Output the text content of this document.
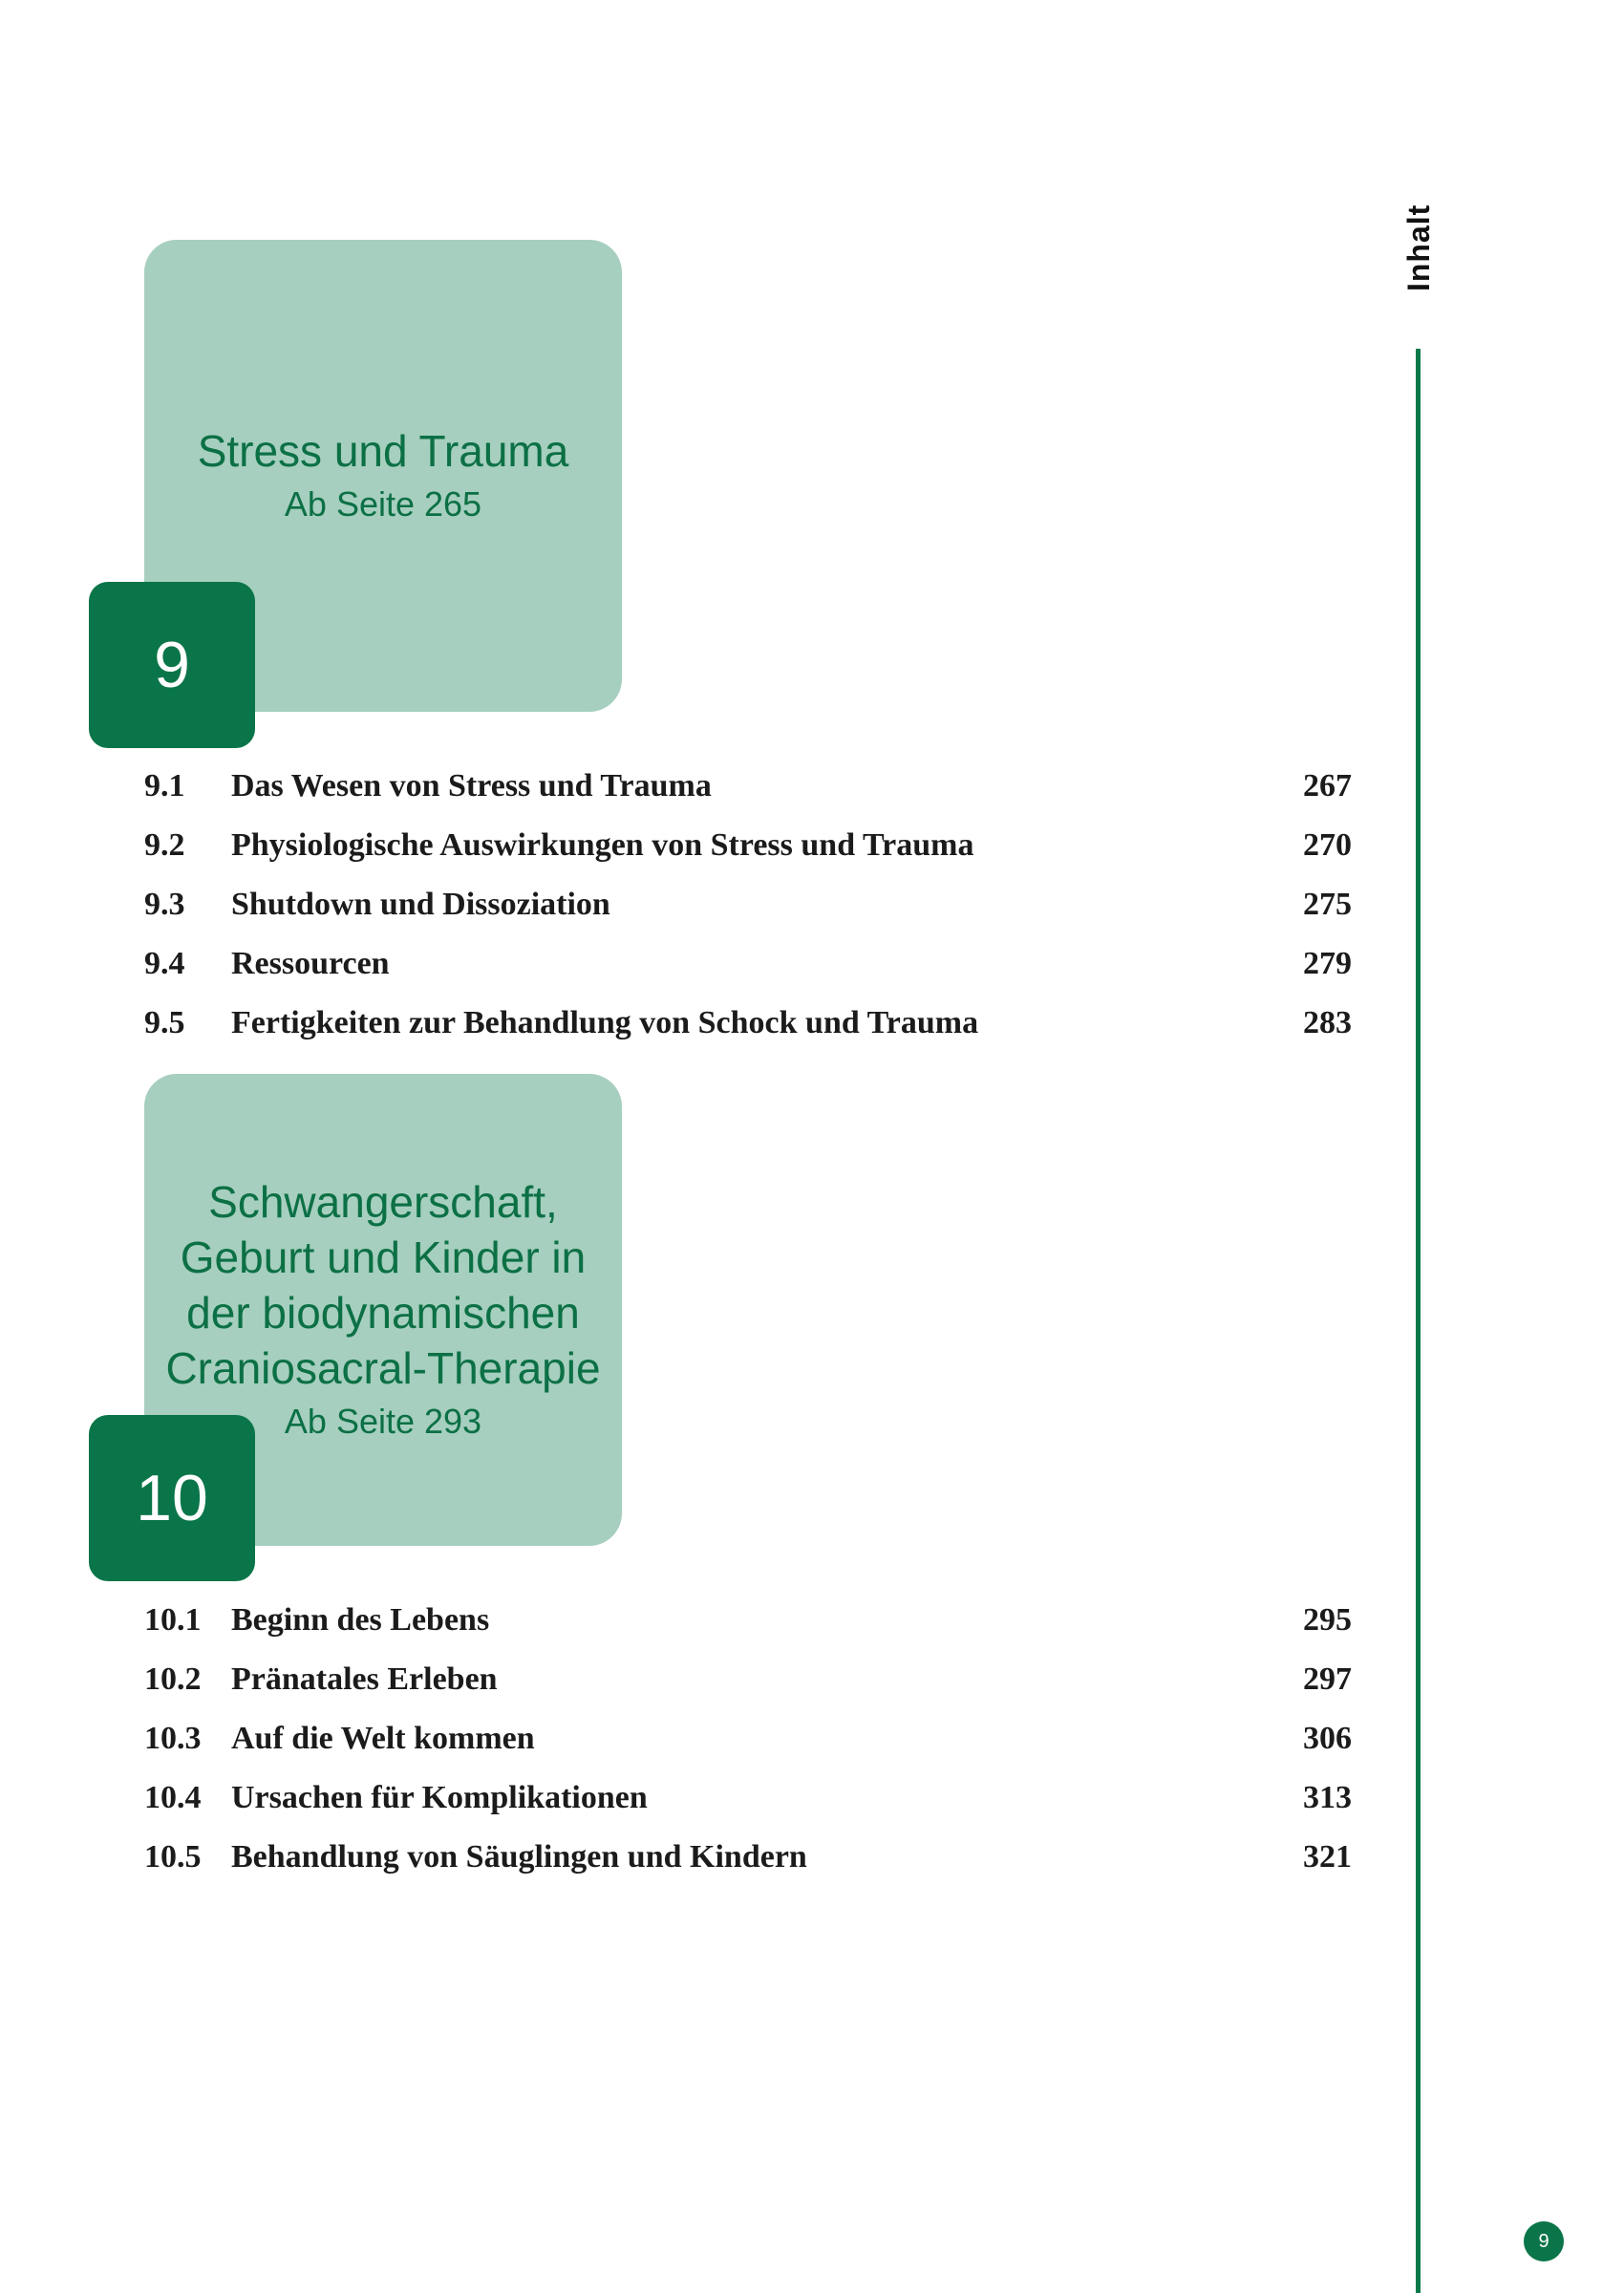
Inhalt
Stress und Trauma
Ab Seite 265
9
9.1 Das Wesen von Stress und Trauma	267
9.2 Physiologische Auswirkungen von Stress und Trauma	270
9.3 Shutdown und Dissoziation	275
9.4 Ressourcen	279
9.5 Fertigkeiten zur Behandlung von Schock und Trauma	283
Schwangerschaft,
Geburt und Kinder in
der biodynamischen
Craniosacral-Therapie
Ab Seite 293
10
10.1 Beginn des Lebens	295
10.2 Pränatales Erleben	297
10.3 Auf die Welt kommen	306
10.4 Ursachen für Komplikationen	313
10.5 Behandlung von Säuglingen und Kindern	321
9
